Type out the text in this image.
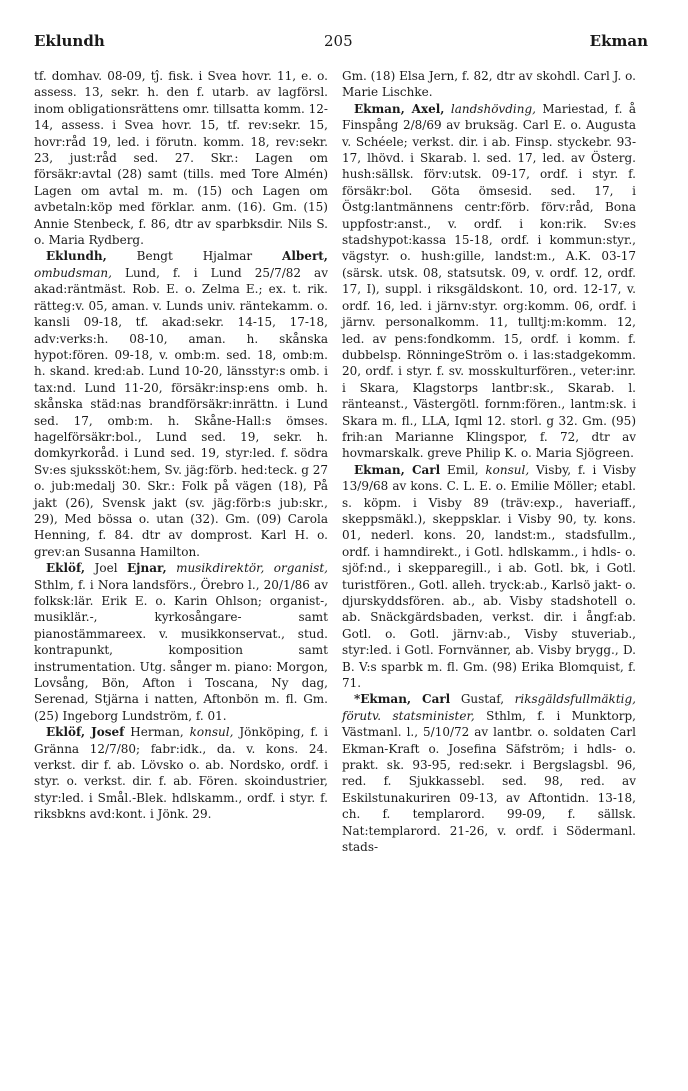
Eklundh	205	Ekman

tf. domhav. 08-09, tĵ. fisk. i Svea hovr. 11, e. o. assess. 13, sekr. h. den f. utarb. av lagförsl. inom obligationsrättens omr. tillsatta komm. 12-14, assess. i Svea hovr. 15, tf. rev:sekr. 15, hovr:råd 19, led. i förutn. komm. 18, rev:sekr. 23, just:råd sed. 27. Skr.: Lagen om försäkr:avtal (28) samt (tills. med Tore Almén) Lagen om avtal m. m. (15) och Lagen om avbetaln:köp med förklar. anm. (16). Gm. (15) Annie Stenbeck, f. 86, dtr av sparbksdir. Nils S. o. Maria Rydberg.

Eklundh, Bengt Hjalmar Albert, ombudsman, Lund, f. i Lund 25/7/82 av akad:räntmäst. Rob. E. o. Zelma E.; ex. t. rik. rätteg:v. 05, aman. v. Lunds univ. räntekamm. o. kansli 09-18, tf. akad:sekr. 14-15, 17-18, adv:verks:h. 08-10, aman. h. skånska hypot:fören. 09-18, v. omb:m. sed. 18, omb:m. h. skand. kred:ab. Lund 10-20, länsstyr:s omb. i tax:nd. Lund 11-20, försäkr:insp:ens omb. h. skånska städ:nas brandförsäkr:inrättn. i Lund sed. 17, omb:m. h. Skåne-Hall:s ömses. hagelförsäkr:bol., Lund sed. 19, sekr. h. domkyrkoråd. i Lund sed. 19, styr:led. f. södra Sv:es sjukssköt:hem, Sv. jäg:förb. hed:teck. g 27 o. jub:medalj 30. Skr.: Folk på vägen (18), På jakt (26), Svensk jakt (sv. jäg:förb:s jub:skr., 29), Med bössa o. utan (32). Gm. (09) Carola Henning, f. 84. dtr av domprost. Karl H. o. grev:an Susanna Hamilton.

Eklöf, Joel Ejnar, musikdirektör, organist, Sthlm, f. i Nora landsförs., Örebro l., 20/1/86 av folksk:lär. Erik E. o. Karin Ohlson; organist-, musiklär.-, kyrkosångare- samt pianostämmareex. v. musikkonservat., stud. kontrapunkt, komposition samt instrumentation. Utg. sånger m. piano: Morgon, Lovsång, Bön, Afton i Toscana, Ny dag, Serenad, Stjärna i natten, Aftonbön m. fl. Gm. (25) Ingeborg Lundström, f. 01.

Eklöf, Josef Herman, konsul, Jönköping, f. i Gränna 12/7/80; fabr:idk., da. v. kons. 24. verkst. dir f. ab. Lövsko o. ab. Nordsko, ordf. i styr. o. verkst. dir. f. ab. Fören. skoindustrier, styr:led. i Smål.-Blek. hdlskamm., ordf. i styr. f. riksbkns avd:kont. i Jönk. 29.

Gm. (18) Elsa Jern, f. 82, dtr av skohdl. Carl J. o. Marie Lischke.

Ekman, Axel, landshövding, Mariestad, f. å Finspång 2/8/69 av bruksäg. Carl E. o. Augusta v. Schéele; verkst. dir. i ab. Finsp. styckebr. 93-17, lhövd. i Skarab. l. sed. 17, led. av Österg. hush:sällsk. förv:utsk. 09-17, ordf. i styr. f. försäkr:bol. Göta ömsesid. sed. 17, i Östg:lantmännens centr:förb. förv:råd, Bona uppfostr:anst., v. ordf. i kon:rik. Sv:es stadshypot:kassa 15-18, ordf. i kommun:styr., vägstyr. o. hush:gille, landst:m., A.K. 03-17 (särsk. utsk. 08, statsutsk. 09, v. ordf. 12, ordf. 17, I), suppl. i riksgäldskont. 10, ord. 12-17, v. ordf. 16, led. i järnv:styr. org:komm. 06, ordf. i järnv. personalkomm. 11, tulltj:m:komm. 12, led. av pens:fondkomm. 15, ordf. i komm. f. dubbelsp. RönningeStröm o. i las:stadgekomm. 20, ordf. i styr. f. sv. mosskulturfören., veter:inr. i Skara, Klagstorps lantbr:sk., Skarab. l. ränteanst., Västergötl. fornm:fören., lantm:sk. i Skara m. fl., LLA, Iqml 12. storl. g 32. Gm. (95) frih:an Marianne Klingspor, f. 72, dtr av hovmarskalk. greve Philip K. o. Maria Sjögreen.

Ekman, Carl Emil, konsul, Visby, f. i Visby 13/9/68 av kons. C. L. E. o. Emilie Möller; etabl. s. köpm. i Visby 89 (träv:exp., haveriaff., skeppsmäkl.), skeppsklar. i Visby 90, ty. kons. 01, nederl. kons. 20, landst:m., stadsfullm., ordf. i hamndirekt., i Gotl. hdlskamm., i hdls- o. sjöf:nd., i skepparegill., i ab. Gotl. bk, i Gotl. turistfören., Gotl. alleh. tryck:ab., Karlsö jakt- o. djurskyddsfören. ab., ab. Visby stadshotell o. ab. Snäckgärdsbaden, verkst. dir. i ångf:ab. Gotl. o. Gotl. järnv:ab., Visby stuveriab., styr:led. i Gotl. Fornvänner, ab. Visby brygg., D. B. V:s sparbk m. fl. Gm. (98) Erika Blomquist, f. 71.

*Ekman, Carl Gustaf, riksgäldsfullmäktig, förutv. statsminister, Sthlm, f. i Munktorp, Västmanl. l., 5/10/72 av lantbr. o. soldaten Carl Ekman-Kraft o. Josefina Säfström; i hdls- o. prakt. sk. 93-95, red:sekr. i Bergslagsbl. 96, red. f. Sjukkassebl. sed. 98, red. av Eskilstunakuriren 09-13, av Aftontidn. 13-18, ch. f. templarord. 99-09, f. sällsk. Nat:templarord. 21-26, v. ordf. i Södermanl. stads-
